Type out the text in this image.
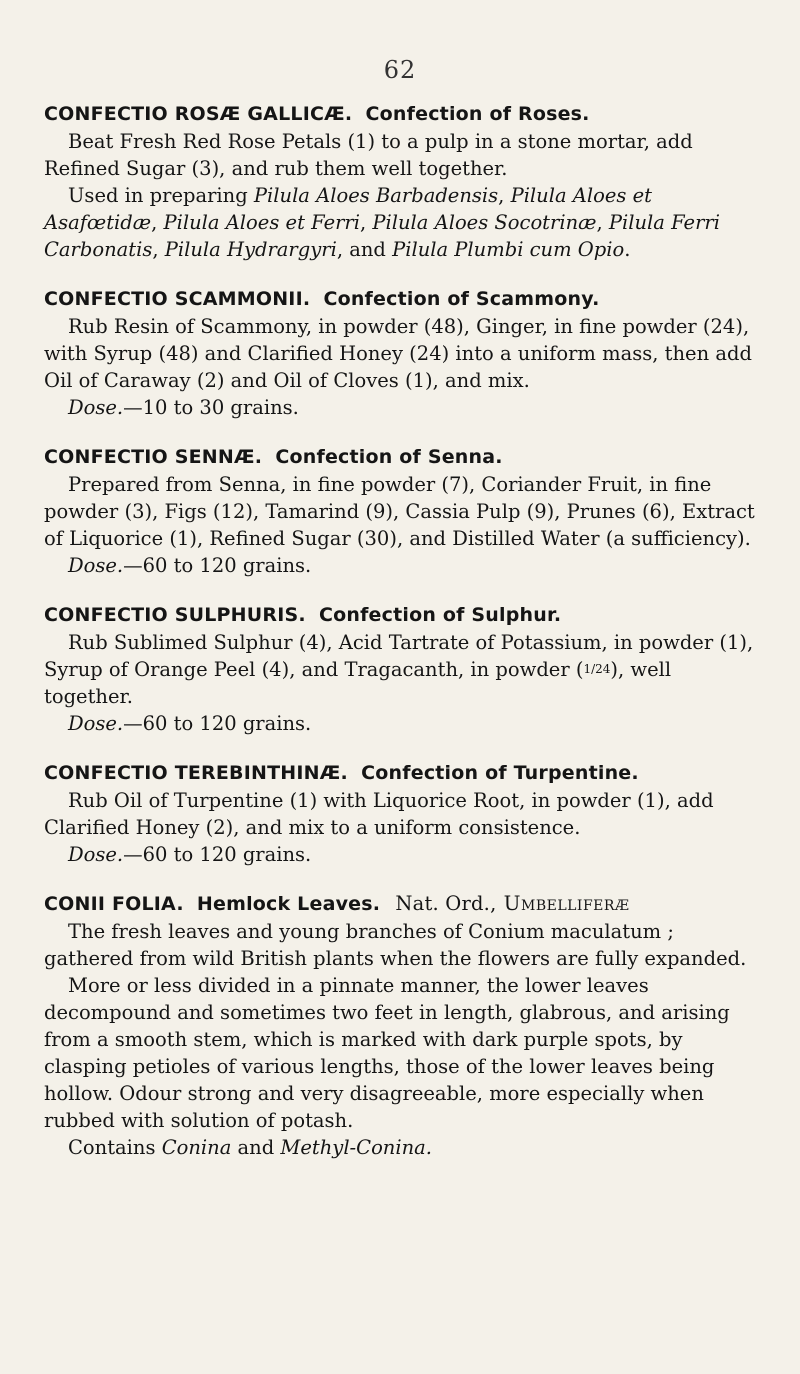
62
CONFECTIO ROSÆ GALLICÆ. Confection of Roses.

Beat Fresh Red Rose Petals (1) to a pulp in a stone mortar, add Refined Sugar (3), and rub them well together.

Used in preparing Pilula Aloes Barbadensis, Pilula Aloes et Asafœtidæ, Pilula Aloes et Ferri, Pilula Aloes Socotrinæ, Pilula Ferri Carbonatis, Pilula Hydrargyri, and Pilula Plumbi cum Opio.

CONFECTIO SCAMMONII. Confection of Scammony.

Rub Resin of Scammony, in powder (48), Ginger, in fine powder (24), with Syrup (48) and Clarified Honey (24) into a uniform mass, then add Oil of Caraway (2) and Oil of Cloves (1), and mix.

Dose.—10 to 30 grains.

CONFECTIO SENNÆ. Confection of Senna.

Prepared from Senna, in fine powder (7), Coriander Fruit, in fine powder (3), Figs (12), Tamarind (9), Cassia Pulp (9), Prunes (6), Extract of Liquorice (1), Refined Sugar (30), and Distilled Water (a sufficiency).

Dose.—60 to 120 grains.

CONFECTIO SULPHURIS. Confection of Sulphur.

Rub Sublimed Sulphur (4), Acid Tartrate of Potassium, in powder (1), Syrup of Orange Peel (4), and Tragacanth, in powder (1/24), well together.

Dose.—60 to 120 grains.

CONFECTIO TEREBINTHINÆ. Confection of Turpentine.

Rub Oil of Turpentine (1) with Liquorice Root, in powder (1), add Clarified Honey (2), and mix to a uniform consistence.

Dose.—60 to 120 grains.

CONII FOLIA. Hemlock Leaves. Nat. Ord., Umbelliferæ

The fresh leaves and young branches of Conium maculatum ; gathered from wild British plants when the flowers are fully expanded.

More or less divided in a pinnate manner, the lower leaves decompound and sometimes two feet in length, glabrous, and arising from a smooth stem, which is marked with dark purple spots, by clasping petioles of various lengths, those of the lower leaves being hollow. Odour strong and very disagreeable, more especially when rubbed with solution of potash.

Contains Conina and Methyl-Conina.
